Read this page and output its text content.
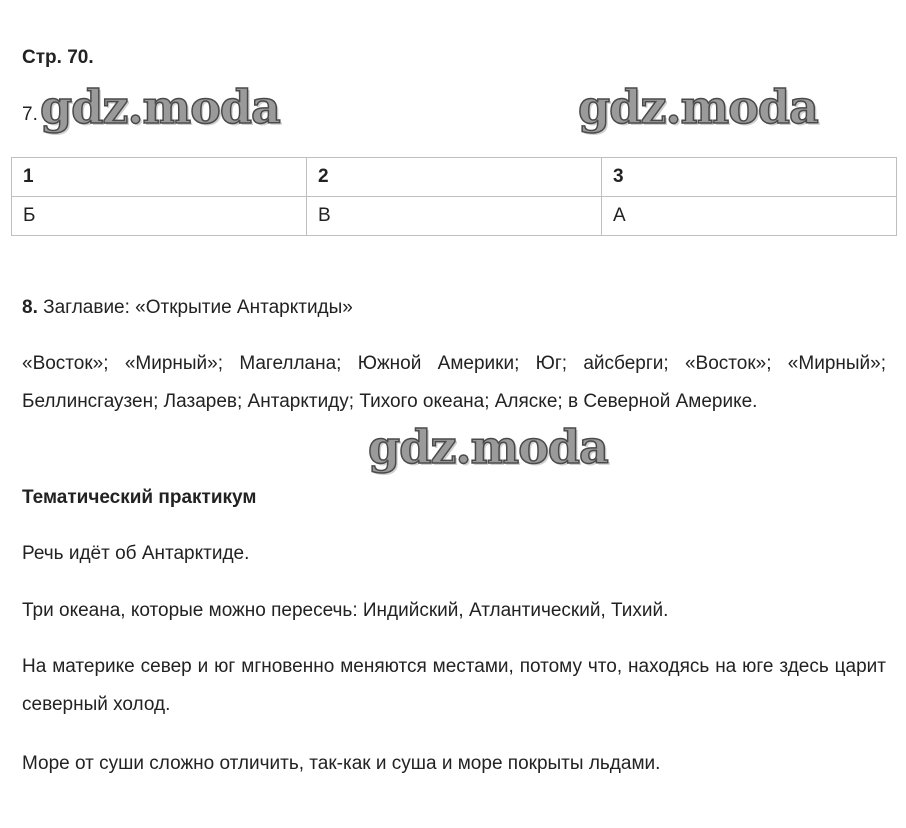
Стр. 70.
7. gdz.moda	gdz.moda
1	2	3
Б	В	А
8. Заглавие: «Открытие Антарктиды»
«Восток»; «Мирный»; Магеллана; Южной Америки; Юг; айсберги; «Восток»; «Мирный»; Беллинсгаузен; Лазарев; Антарктиду; Тихого океана; Аляске; в Северной Америке.
gdz.moda
Тематический практикум
Речь идёт об Антарктиде.
Три океана, которые можно пересечь: Индийский, Атлантический, Тихий.
На материке север и юг мгновенно меняются местами, потому что, находясь на юге здесь царит северный холод.
Море от суши сложно отличить, так-как и суша и море покрыты льдами.
